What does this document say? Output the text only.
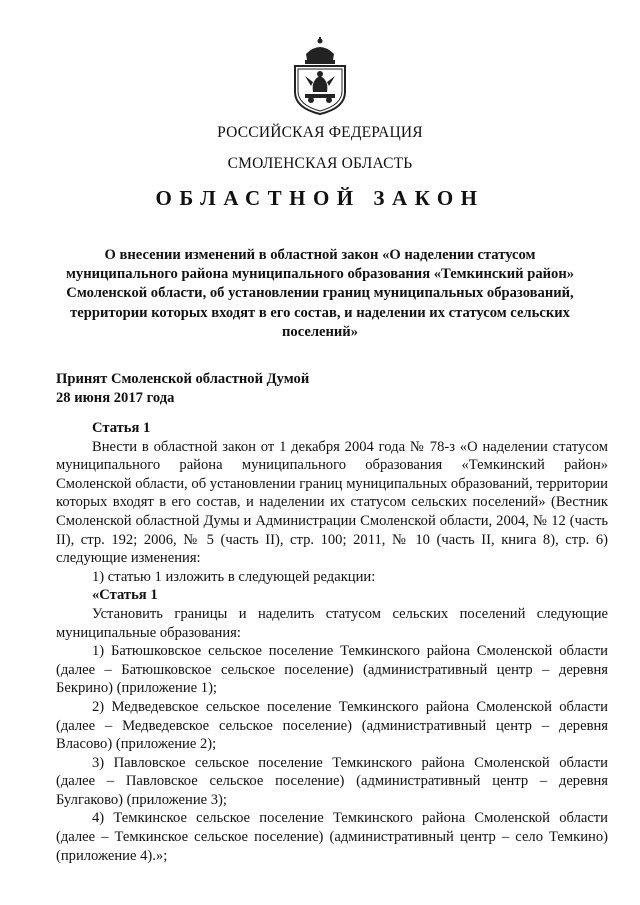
РОССИЙСКАЯ ФЕДЕРАЦИЯ
СМОЛЕНСКАЯ ОБЛАСТЬ
ОБЛАСТНОЙ ЗАКОН
О внесении изменений в областной закон «О наделении статусом муниципального района муниципального образования «Темкинский район» Смоленской области, об установлении границ муниципальных образований, территории которых входят в его состав, и наделении их статусом сельских поселений»
Принят Смоленской областной Думой
28 июня 2017 года

Статья 1

Внести в областной закон от 1 декабря 2004 года № 78-з «О наделении статусом муниципального района муниципального образования «Темкинский район» Смоленской области, об установлении границ муниципальных образований, территории которых входят в его состав, и наделении их статусом сельских поселений» (Вестник Смоленской областной Думы и Администрации Смоленской области, 2004, № 12 (часть II), стр. 192; 2006, № 5 (часть II), стр. 100; 2011, № 10 (часть II, книга 8), стр. 6) следующие изменения:

1) статью 1 изложить в следующей редакции:

«Статья 1

Установить границы и наделить статусом сельских поселений следующие муниципальные образования:

1) Батюшковское сельское поселение Темкинского района Смоленской области (далее – Батюшковское сельское поселение) (административный центр – деревня Бекрино) (приложение 1);

2) Медведевское сельское поселение Темкинского района Смоленской области (далее – Медведевское сельское поселение) (административный центр – деревня Власово) (приложение 2);

3) Павловское сельское поселение Темкинского района Смоленской области (далее – Павловское сельское поселение) (административный центр – деревня Булгаково) (приложение 3);

4) Темкинское сельское поселение Темкинского района Смоленской области (далее – Темкинское сельское поселение) (административный центр – село Темкино) (приложение 4).»;
